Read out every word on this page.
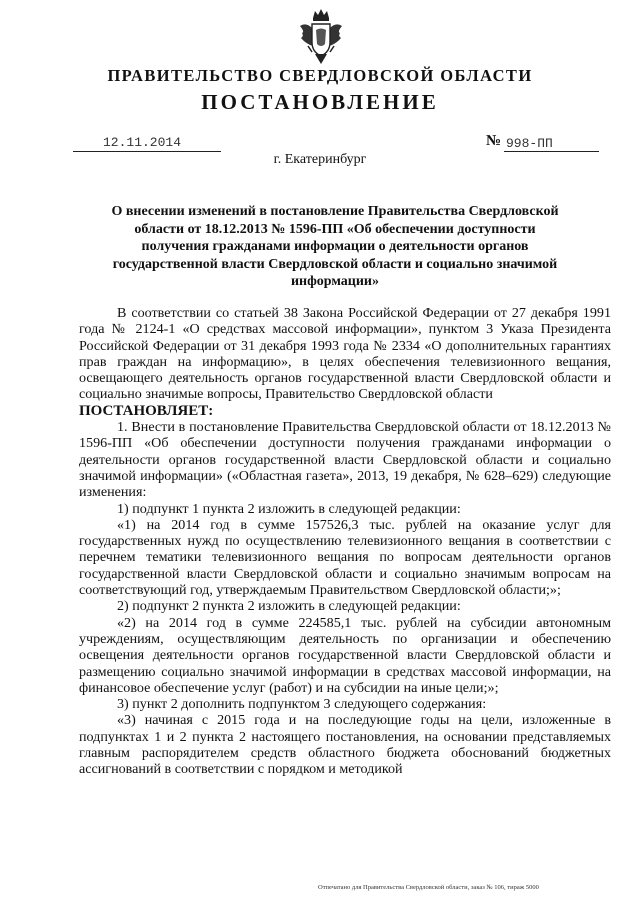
ПРАВИТЕЛЬСТВО СВЕРДЛОВСКОЙ ОБЛАСТИ
ПОСТАНОВЛЕНИЕ
12.11.2014	№ 998-ПП
г. Екатеринбург
О внесении изменений в постановление Правительства Свердловской области от 18.12.2013 № 1596-ПП «Об обеспечении доступности получения гражданами информации о деятельности органов государственной власти Свердловской области и социально значимой информации»

В соответствии со статьей 38 Закона Российской Федерации от 27 декабря 1991 года № 2124-1 «О средствах массовой информации», пунктом 3 Указа Президента Российской Федерации от 31 декабря 1993 года № 2334 «О дополнительных гарантиях прав граждан на информацию», в целях обеспечения телевизионного вещания, освещающего деятельность органов государственной власти Свердловской области и социально значимые вопросы, Правительство Свердловской области

ПОСТАНОВЛЯЕТ:

1. Внести в постановление Правительства Свердловской области от 18.12.2013 № 1596-ПП «Об обеспечении доступности получения гражданами информации о деятельности органов государственной власти Свердловской области и социально значимой информации» («Областная газета», 2013, 19 декабря, № 628–629) следующие изменения:

1) подпункт 1 пункта 2 изложить в следующей редакции:

«1) на 2014 год в сумме 157526,3 тыс. рублей на оказание услуг для государственных нужд по осуществлению телевизионного вещания в соответствии с перечнем тематики телевизионного вещания по вопросам деятельности органов государственной власти Свердловской области и социально значимым вопросам на соответствующий год, утверждаемым Правительством Свердловской области;»;

2) подпункт 2 пункта 2 изложить в следующей редакции:

«2) на 2014 год в сумме 224585,1 тыс. рублей на субсидии автономным учреждениям, осуществляющим деятельность по организации и обеспечению освещения деятельности органов государственной власти Свердловской области и размещению социально значимой информации в средствах массовой информации, на финансовое обеспечение услуг (работ) и на субсидии на иные цели;»;

3) пункт 2 дополнить подпунктом 3 следующего содержания:

«3) начиная с 2015 года и на последующие годы на цели, изложенные в подпунктах 1 и 2 пункта 2 настоящего постановления, на основании представляемых главным распорядителем средств областного бюджета обоснований бюджетных ассигнований в соответствии с порядком и методикой

Отпечатано для Правительства Свердловской области, заказ № 106, тираж 5000
